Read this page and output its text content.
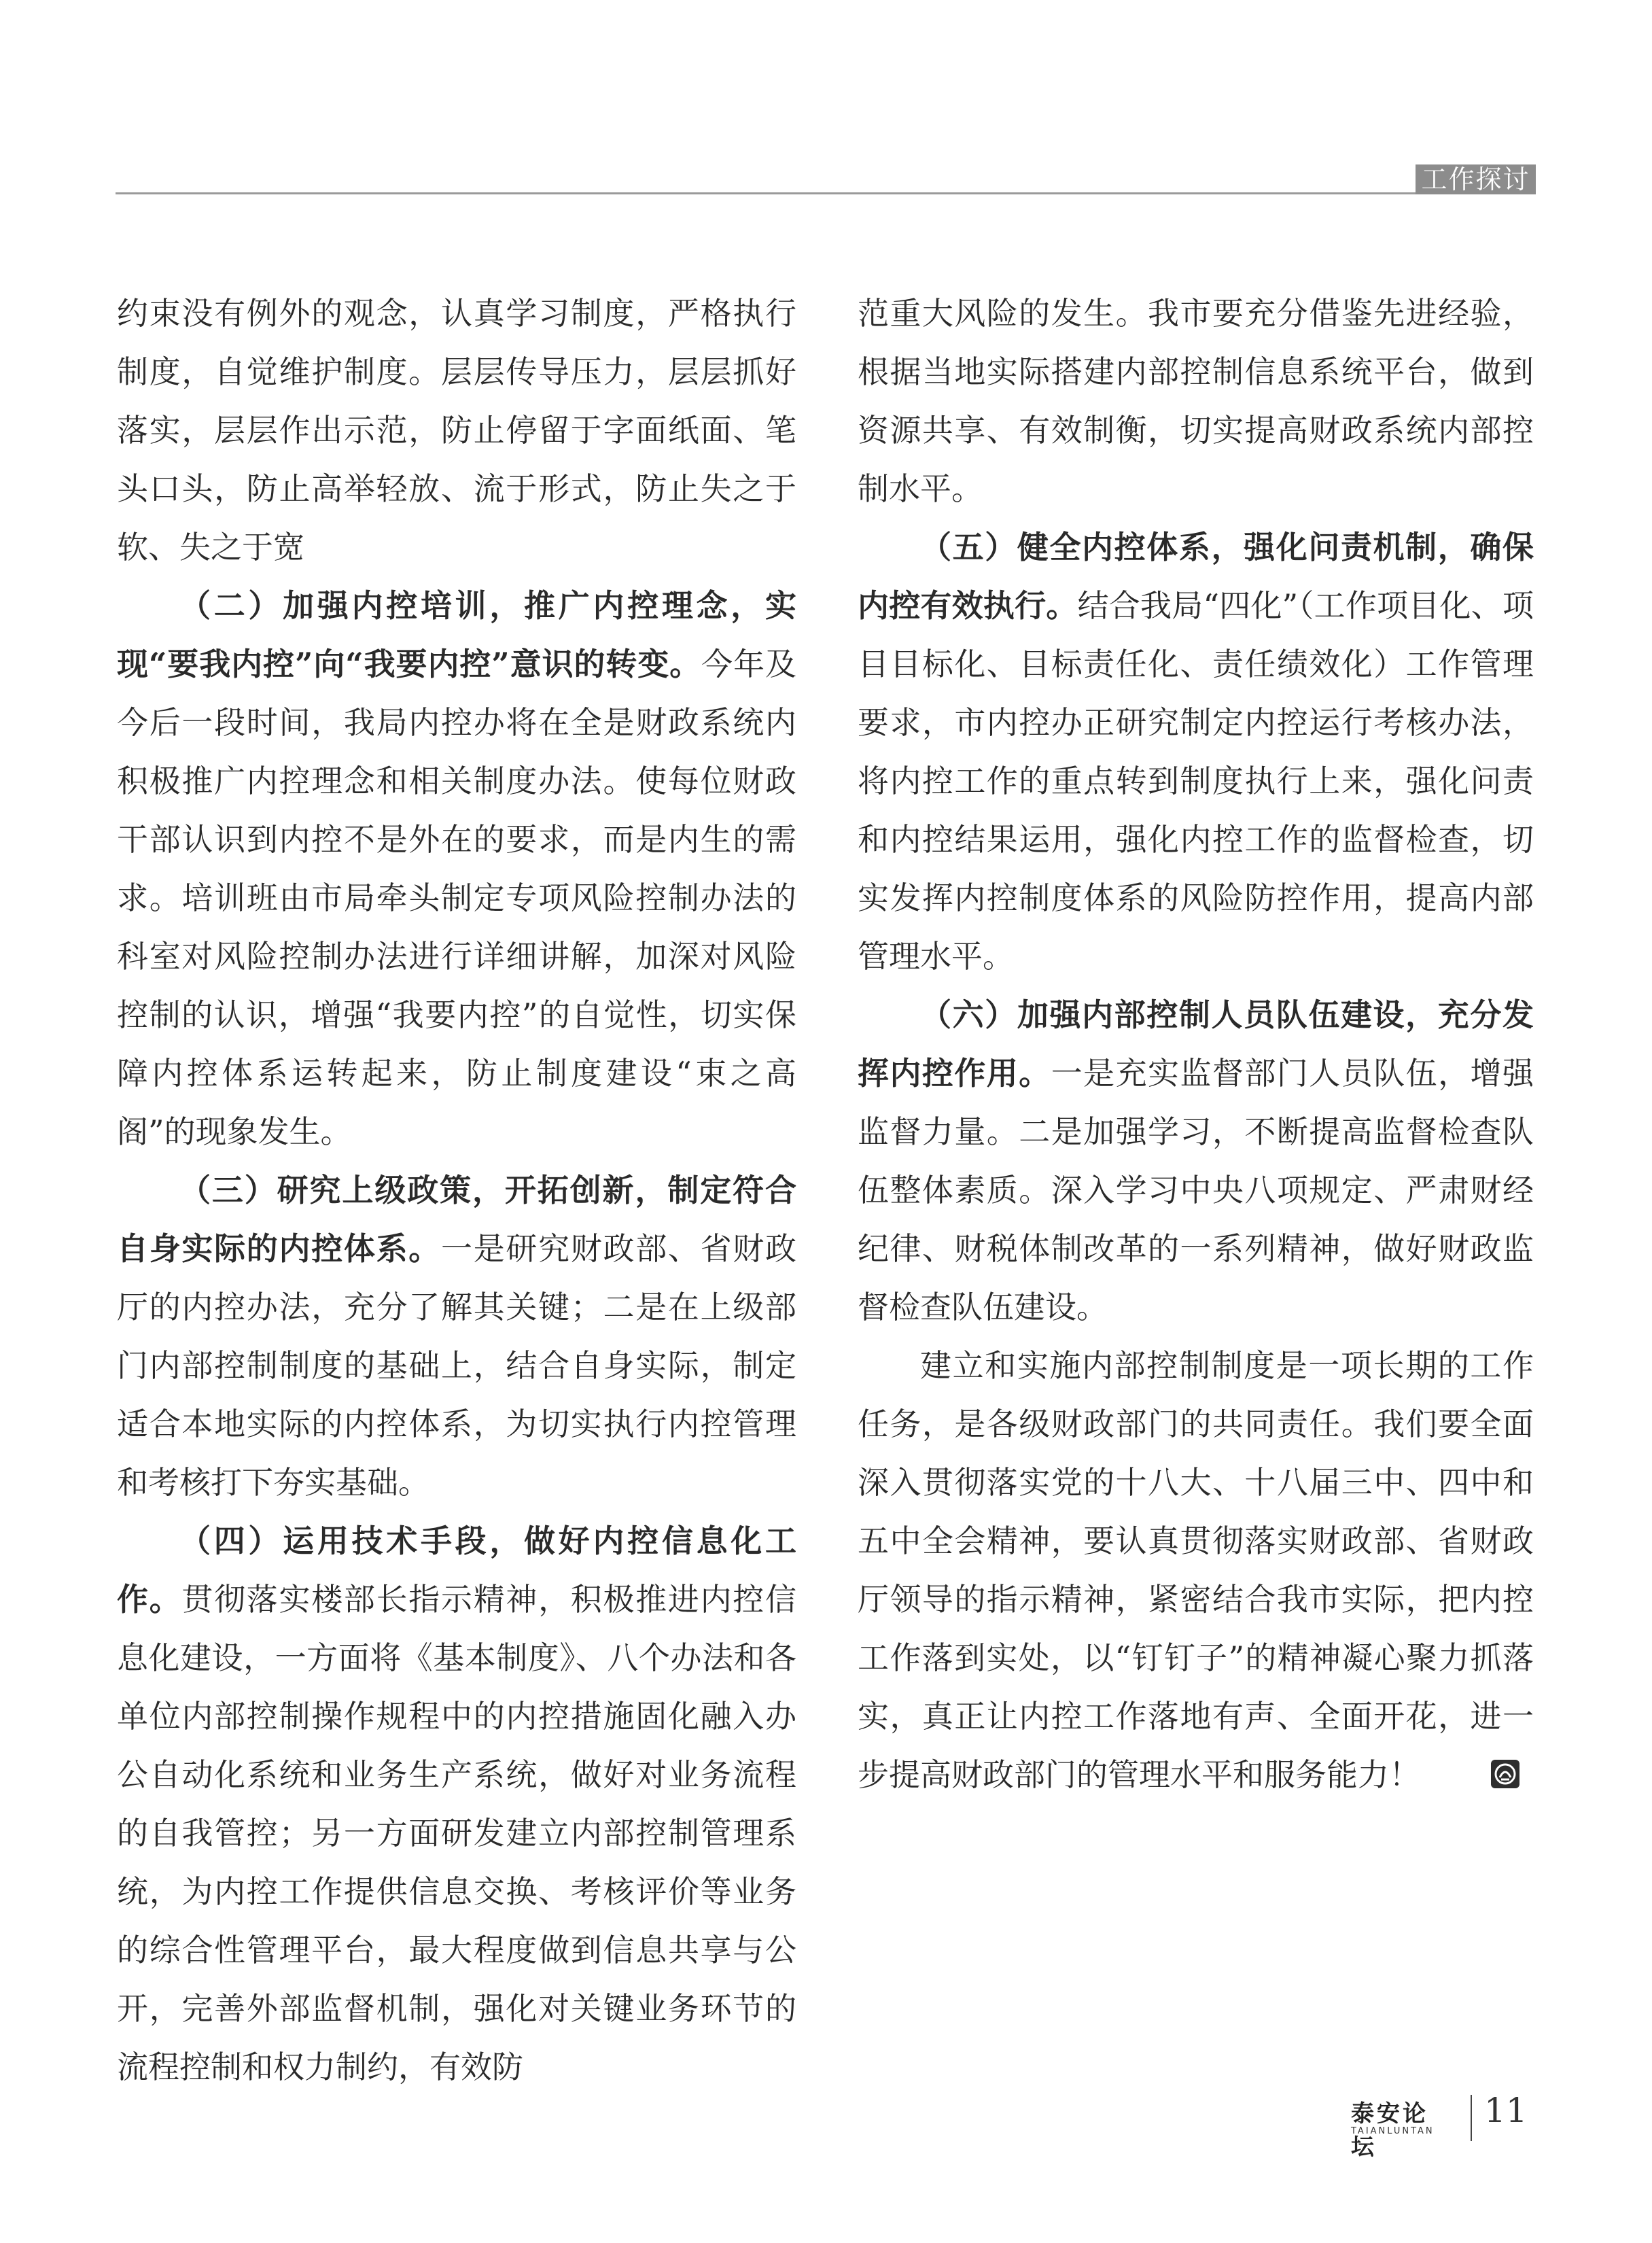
工作探讨

约束没有例外的观念，认真学习制度，严格执行制度，自觉维护制度。层层传导压力，层层抓好落实，层层作出示范，防止停留于字面纸面、笔头口头，防止高举轻放、流于形式，防止失之于软、失之于宽

（二）加强内控培训，推广内控理念，实现“要我内控”向“我要内控”意识的转变。今年及今后一段时间，我局内控办将在全是财政系统内积极推广内控理念和相关制度办法。使每位财政干部认识到内控不是外在的要求，而是内生的需求。培训班由市局牵头制定专项风险控制办法的科室对风险控制办法进行详细讲解，加深对风险控制的认识，增强“我要内控”的自觉性，切实保障内控体系运转起来，防止制度建设“束之高阁”的现象发生。

（三）研究上级政策，开拓创新，制定符合自身实际的内控体系。一是研究财政部、省财政厅的内控办法，充分了解其关键；二是在上级部门内部控制制度的基础上，结合自身实际，制定适合本地实际的内控体系，为切实执行内控管理和考核打下夯实基础。

（四）运用技术手段，做好内控信息化工作。贯彻落实楼部长指示精神，积极推进内控信息化建设，一方面将《基本制度》、八个办法和各单位内部控制操作规程中的内控措施固化融入办公自动化系统和业务生产系统，做好对业务流程的自我管控；另一方面研发建立内部控制管理系统，为内控工作提供信息交换、考核评价等业务的综合性管理平台，最大程度做到信息共享与公开，完善外部监督机制，强化对关键业务环节的流程控制和权力制约，有效防

范重大风险的发生。我市要充分借鉴先进经验，根据当地实际搭建内部控制信息系统平台，做到资源共享、有效制衡，切实提高财政系统内部控制水平。

（五）健全内控体系，强化问责机制，确保内控有效执行。结合我局“四化”（工作项目化、项目目标化、目标责任化、责任绩效化）工作管理要求，市内控办正研究制定内控运行考核办法，将内控工作的重点转到制度执行上来，强化问责和内控结果运用，强化内控工作的监督检查，切实发挥内控制度体系的风险防控作用，提高内部管理水平。

（六）加强内部控制人员队伍建设，充分发挥内控作用。一是充实监督部门人员队伍，增强监督力量。二是加强学习，不断提高监督检查队伍整体素质。深入学习中央八项规定、严肃财经纪律、财税体制改革的一系列精神，做好财政监督检查队伍建设。

建立和实施内部控制制度是一项长期的工作任务，是各级财政部门的共同责任。我们要全面深入贯彻落实党的十八大、十八届三中、四中和五中全会精神，要认真贯彻落实财政部、省财政厅领导的指示精神，紧密结合我市实际，把内控工作落到实处，以“钉钉子”的精神凝心聚力抓落实，真正让内控工作落地有声、全面开花，进一步提高财政部门的管理水平和服务能力！

泰安论坛
TAIANLUNTAN
11
